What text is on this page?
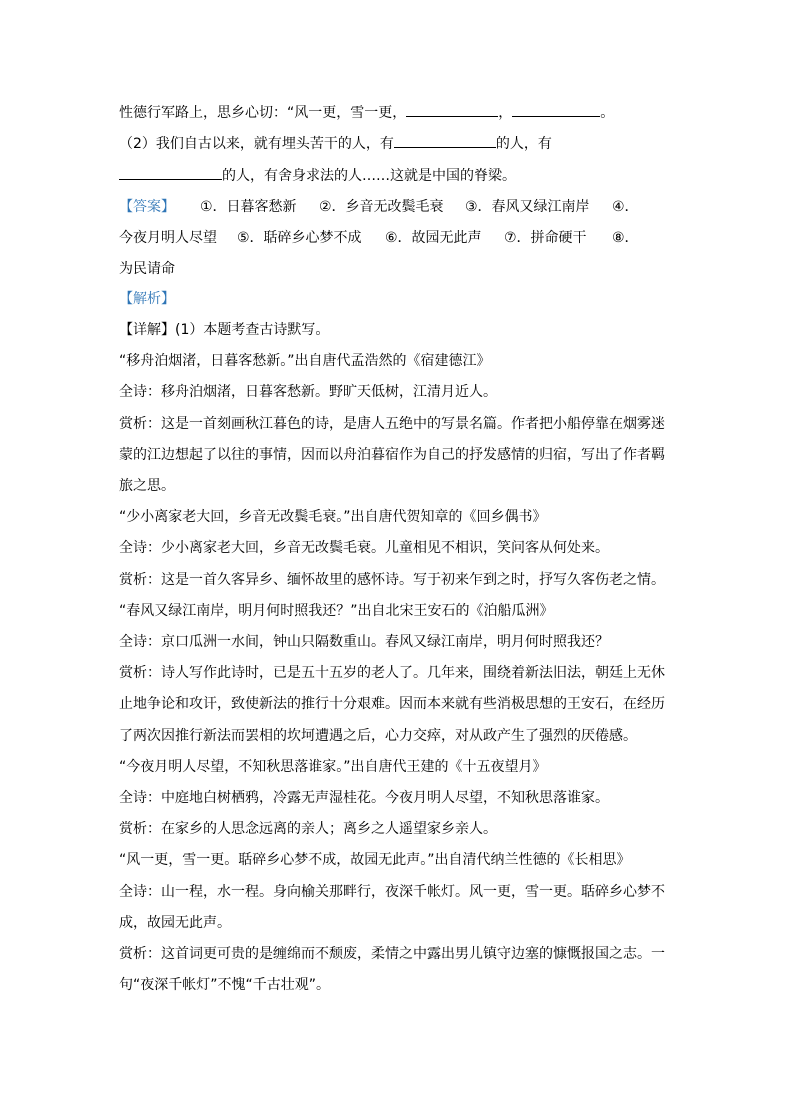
性德行军路上，思乡心切：“风一更，雪一更，	，	。
（2）我们自古以来，就有埋头苦干的人，有	的人，有
的人，有舍身求法的人……这就是中国的脊梁。
【答案】 ①．日暮客愁新 ②．乡音无改鬓毛衰 ③．春风又绿江南岸 ④．
今夜月明人尽望 ⑤．聒碎乡心梦不成 ⑥．故园无此声 ⑦．拼命硬干 ⑧．
为民请命
【解析】
【详解】(1）本题考查古诗默写。
“移舟泊烟渚，日暮客愁新。”出自唐代孟浩然的《宿建德江》
全诗：移舟泊烟渚，日暮客愁新。野旷天低树，江清月近人。
赏析：这是一首刻画秋江暮色的诗，是唐人五绝中的写景名篇。作者把小船停靠在烟雾迷
蒙的江边想起了以往的事情，因而以舟泊暮宿作为自己的抒发感情的归宿，写出了作者羁
旅之思。
“少小离家老大回，乡音无改鬓毛衰。”出自唐代贺知章的《回乡偶书》
全诗：少小离家老大回，乡音无改鬓毛衰。儿童相见不相识，笑问客从何处来。
赏析：这是一首久客异乡、缅怀故里的感怀诗。写于初来乍到之时，抒写久客伤老之情。
“春风又绿江南岸，明月何时照我还？”出自北宋王安石的《泊船瓜洲》
全诗：京口瓜洲一水间，钟山只隔数重山。春风又绿江南岸，明月何时照我还？
赏析：诗人写作此诗时，已是五十五岁的老人了。几年来，围绕着新法旧法，朝廷上无休
止地争论和攻讦，致使新法的推行十分艰难。因而本来就有些消极思想的王安石，在经历
了两次因推行新法而罢相的坎坷遭遇之后，心力交瘁，对从政产生了强烈的厌倦感。
“今夜月明人尽望，不知秋思落谁家。”出自唐代王建的《十五夜望月》
全诗：中庭地白树栖鸦，冷露无声湿桂花。今夜月明人尽望，不知秋思落谁家。
赏析：在家乡的人思念远离的亲人；离乡之人遥望家乡亲人。
“风一更，雪一更。聒碎乡心梦不成，故园无此声。”出自清代纳兰性德的《长相思》
全诗：山一程，水一程。身向榆关那畔行，夜深千帐灯。风一更，雪一更。聒碎乡心梦不
成，故园无此声。
赏析：这首词更可贵的是缠绵而不颓废，柔情之中露出男儿镇守边塞的慷慨报国之志。一
句“夜深千帐灯”不愧“千古壮观”。
